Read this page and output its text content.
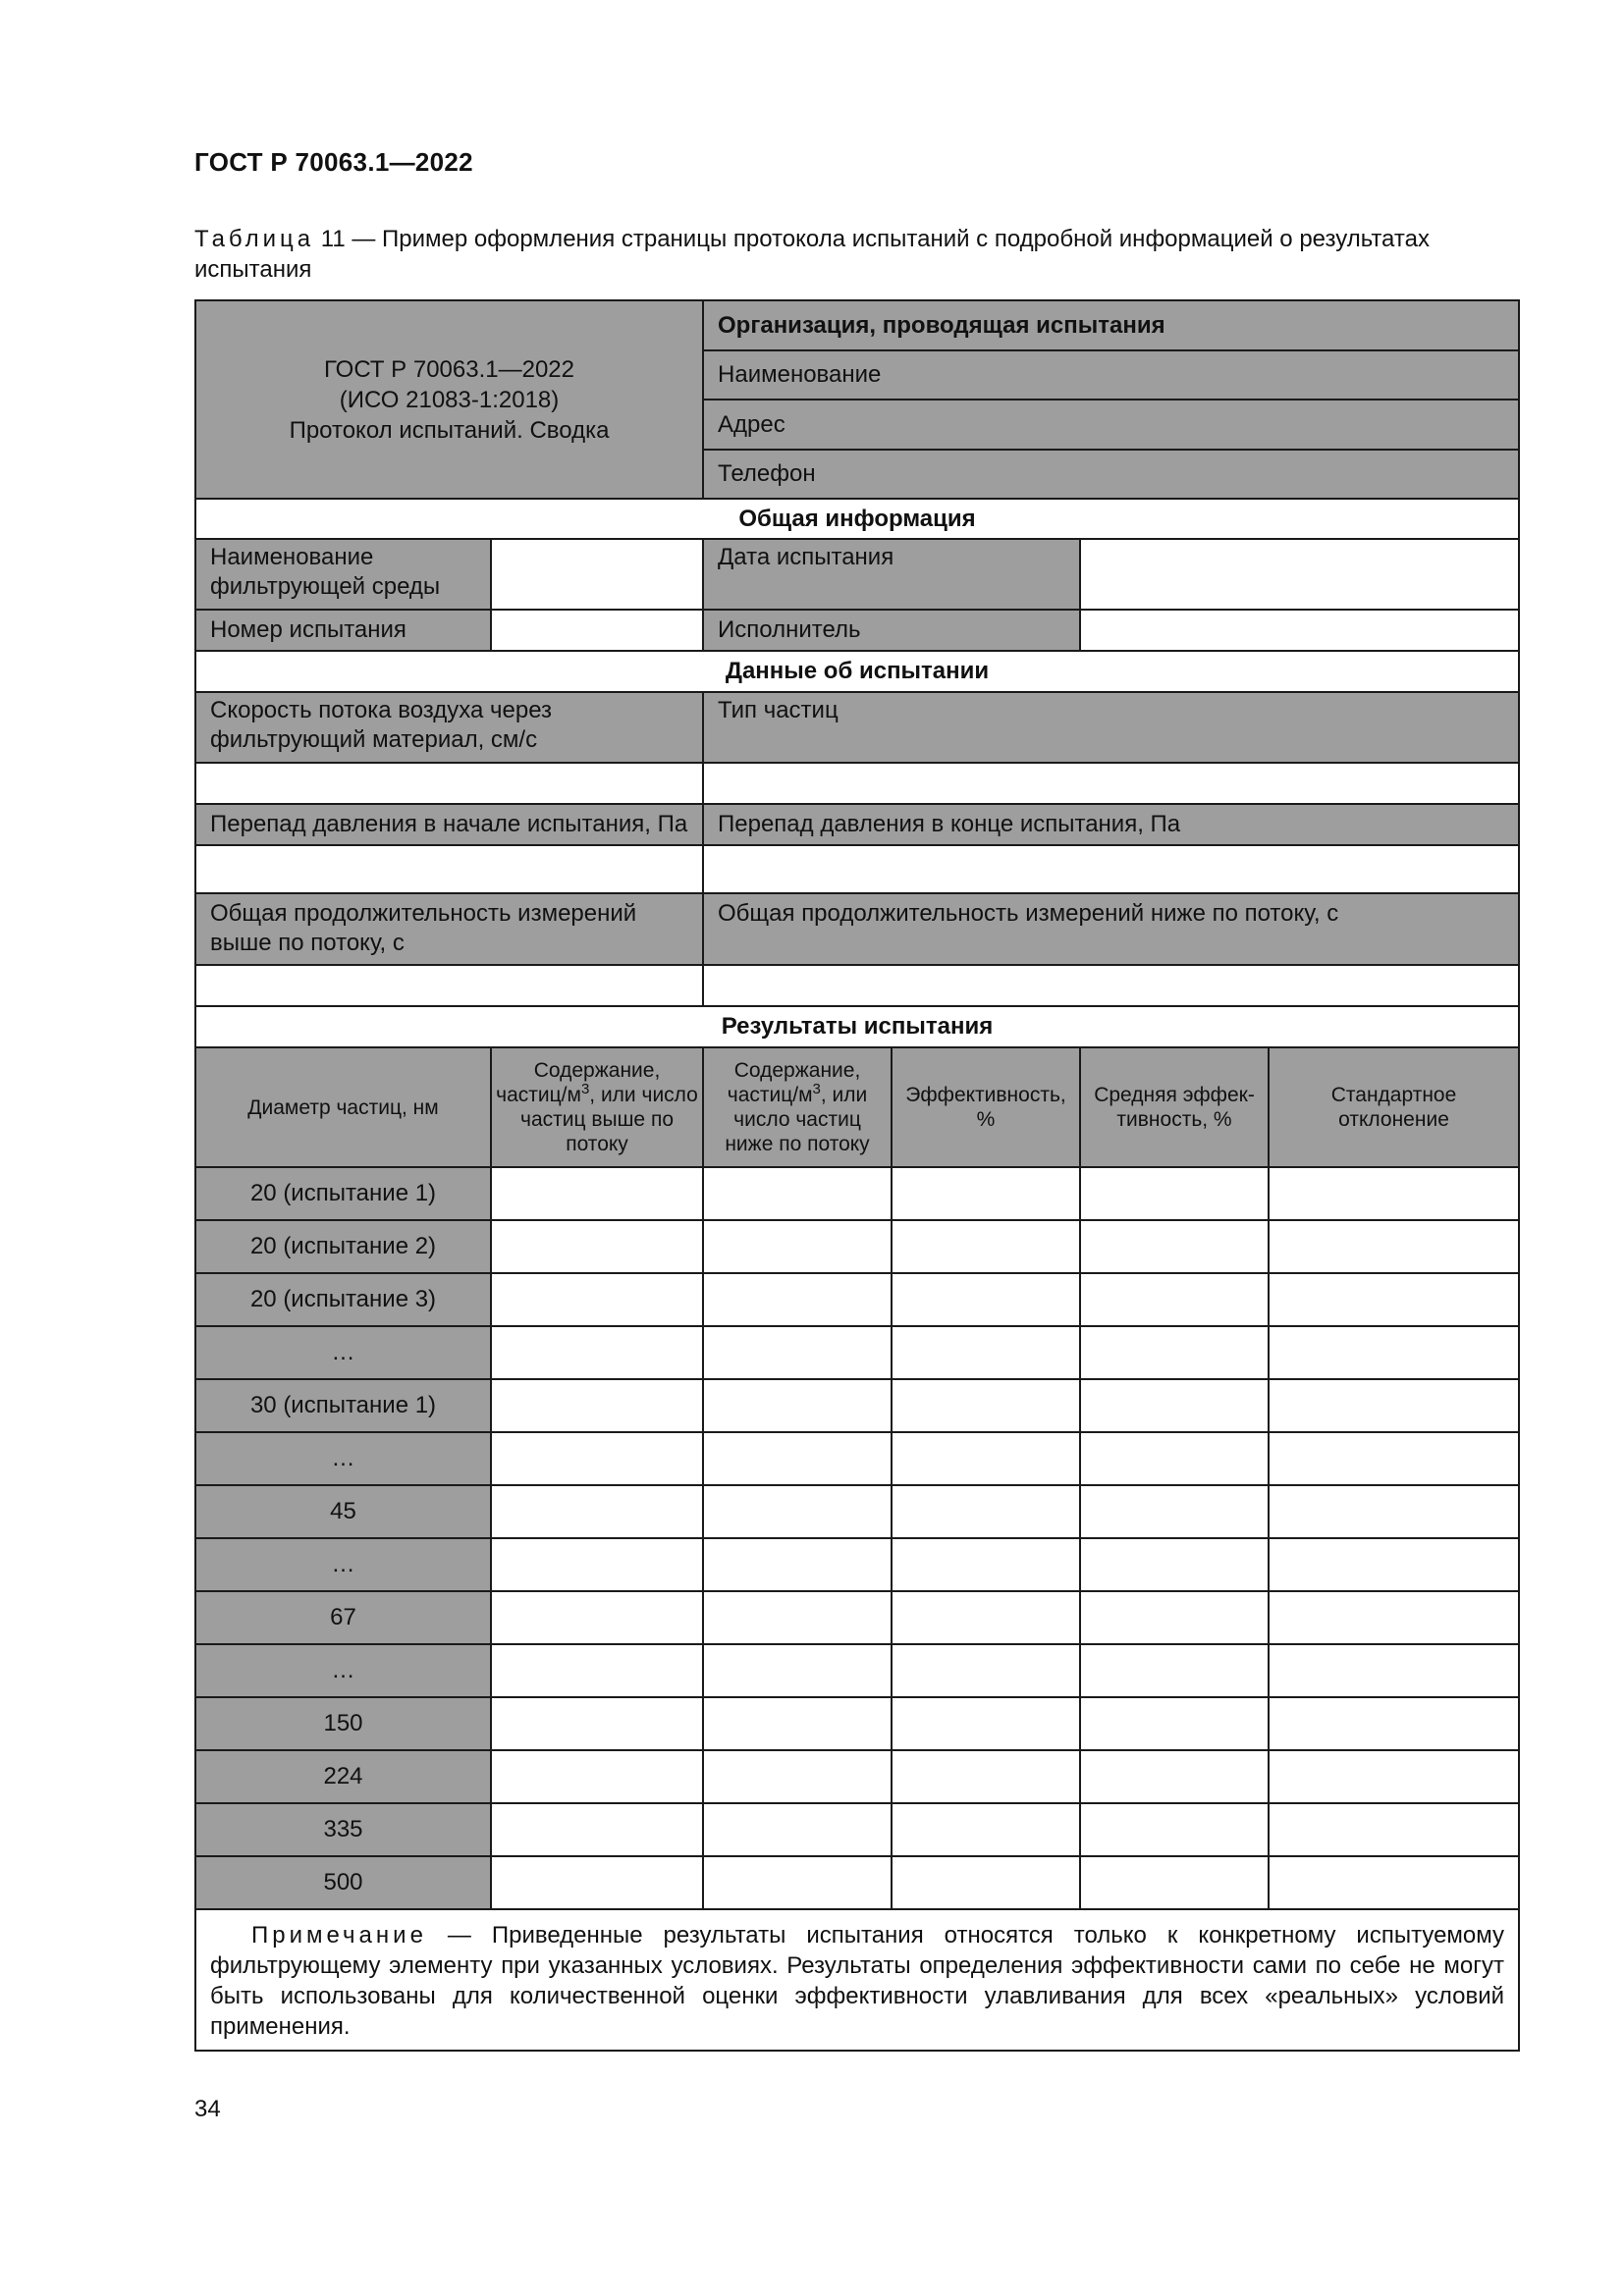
ГОСТ Р 70063.1—2022
Таблица 11 — Пример оформления страницы протокола испытаний с подробной информацией о результатах испытания
ГОСТ Р 70063.1—2022
(ИСО 21083-1:2018)
Протокол испытаний. Сводка		Организация, проводящая испытания			
		Наименование			
		Адрес			
		Телефон			
Общая информация					
Наименование фильтрующей среды		Дата испытания			
Номер испытания		Исполнитель			
Данные об испытании					
Скорость потока воздуха через фильтрующий материал, см/с		Тип частиц			

Перепад давления в начале испытания, Па		Перепад давления в конце испытания, Па			

Общая продолжительность измерений выше по потоку, с		Общая продолжительность измерений ниже по потоку, с			

Результаты испытания					
Диаметр частиц, нм	Содержание, частиц/$м^3$, или число частиц выше по потоку	Содержание, частиц/$м^3$, или число частиц ниже по потоку	Эффективность, %	Средняя эффек-тивность, %	Стандартное отклонение
20 (испытание 1)					
20 (испытание 2)					
20 (испытание 3)					
…					
30 (испытание 1)					
…					
45					
…					
67					
…					
150					
224					
335					
500					
Примечание — Приведенные результаты испытания относятся только к конкретному испытуемому фильтрующему элементу при указанных условиях. Результаты определения эффективности сами по себе не могут быть использованы для количественной оценки эффективности улавливания для всех «реальных» условий применения.					
34
